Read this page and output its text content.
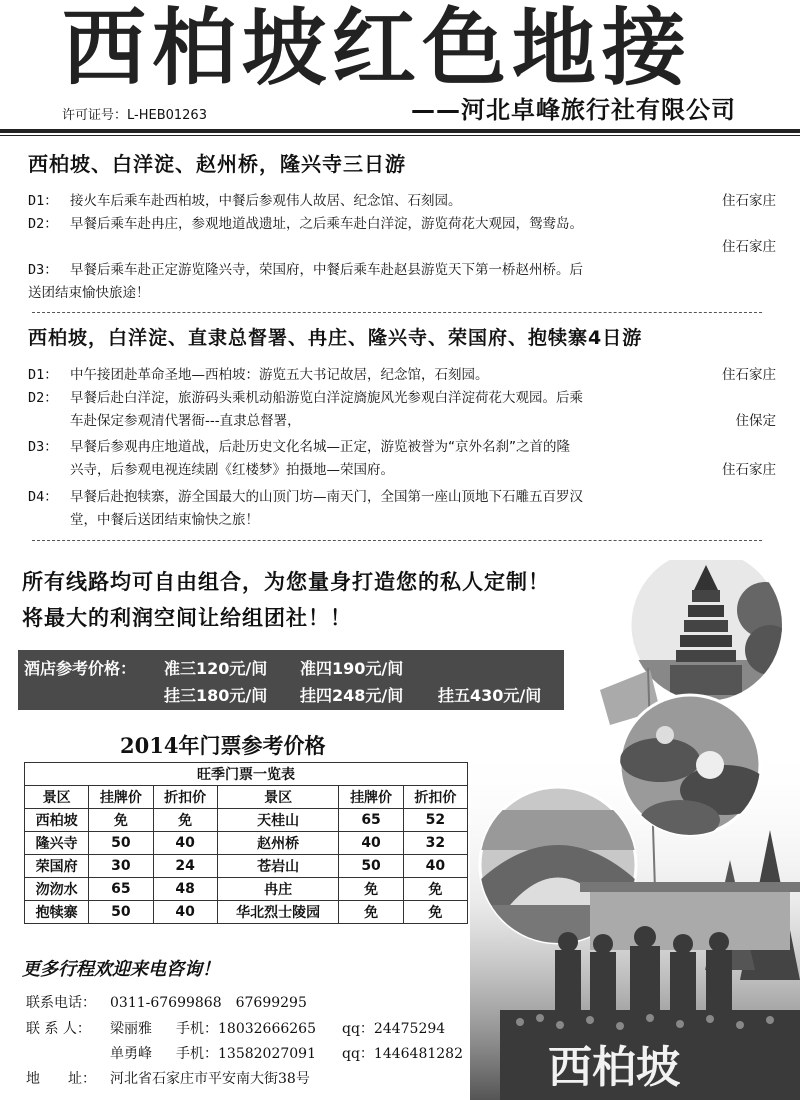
西柏坡红色地接
许可证号：L-HEB01263	——河北卓峰旅行社有限公司
西柏坡、白洋淀、赵州桥，隆兴寺三日游
D1： 接火车后乘车赴西柏坡，中餐后参观伟人故居、纪念馆、石刻园。	住石家庄
D2： 早餐后乘车赴冉庄，参观地道战遗址，之后乘车赴白洋淀，游览荷花大观园，鸳鸯岛。
住石家庄
D3： 早餐后乘车赴正定游览隆兴寺，荣国府，中餐后乘车赴赵县游览天下第一桥赵州桥。后
送团结束愉快旅途！
西柏坡，白洋淀、直隶总督署、冉庄、隆兴寺、荣国府、抱犊寨4日游
D1： 中午接团赴革命圣地—西柏坡：游览五大书记故居，纪念馆，石刻园。	住石家庄
D2： 早餐后赴白洋淀，旅游码头乘机动船游览白洋淀旖旎风光参观白洋淀荷花大观园。后乘
车赴保定参观清代署衙---直隶总督署，	住保定
D3： 早餐后参观冉庄地道战，后赴历史文化名城—正定，游览被誉为“京外名刹”之首的隆
兴寺，后参观电视连续剧《红楼梦》拍摄地—荣国府。	住石家庄
D4： 早餐后赴抱犊寨，游全国最大的山顶门坊—南天门，全国第一座山顶地下石雕五百罗汉
堂，中餐后送团结束愉快之旅！
所有线路均可自由组合，为您量身打造您的私人定制！
将最大的利润空间让给组团社！！
酒店参考价格： 准三120元/间 准四190元/间
挂三180元/间 挂四248元/间 挂五430元/间
2014年门票参考价格
旺季门票一览表					
景区	挂牌价	折扣价	景区	挂牌价	折扣价
西柏坡	免	免	天桂山	65	52
隆兴寺	50	40	赵州桥	40	32
荣国府	30	24	苍岩山	50	40
沕沕水	65	48	冉庄	免	免
抱犊寨	50	40	华北烈士陵园	免	免
更多行程欢迎来电咨询！
联系电话： 0311-67699868　67699295
联 系 人： 梁丽雅 手机：18032666265 qq：24475294
单勇峰 手机：13582027091 qq：1446481282
地　　址： 河北省石家庄市平安南大街38号	西柏坡
